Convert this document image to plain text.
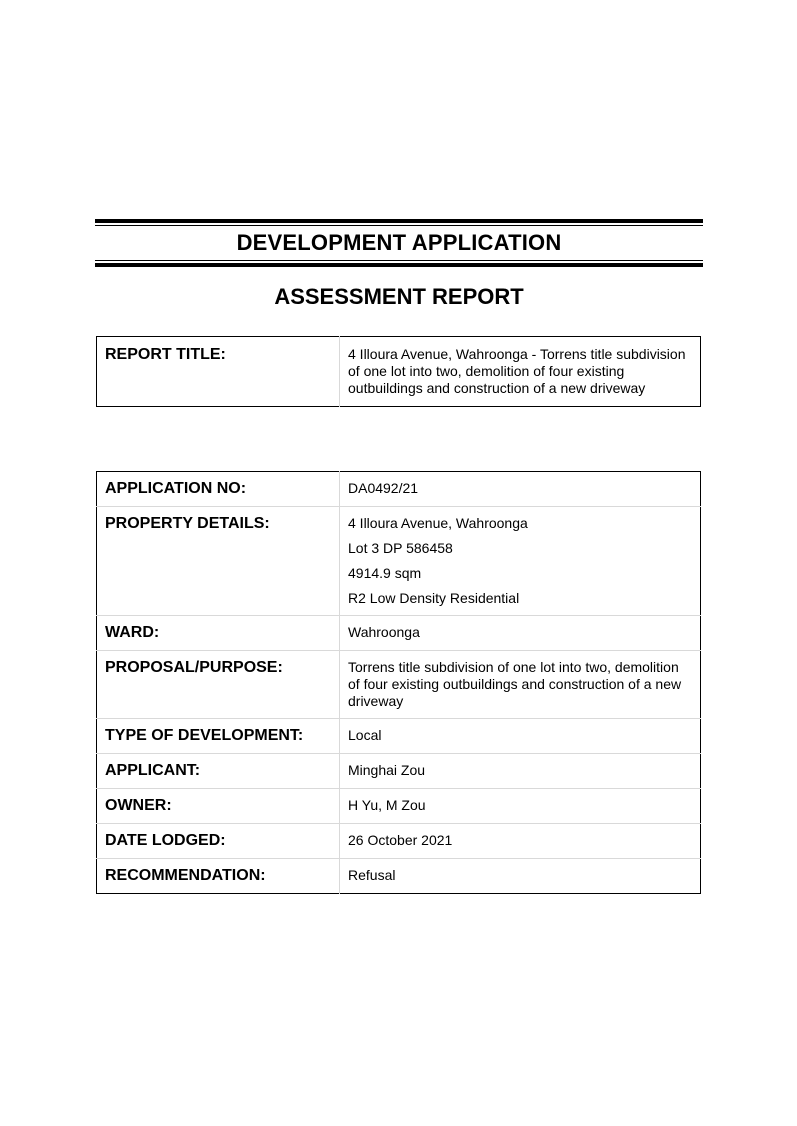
DEVELOPMENT APPLICATION
ASSESSMENT REPORT
REPORT TITLE:	4 Illoura Avenue, Wahroonga - Torrens title subdivision of one lot into two, demolition of four existing outbuildings and construction of a new driveway
APPLICATION NO:	DA0492/21
PROPERTY DETAILS:	4 Illoura Avenue, Wahroonga
Lot 3 DP 586458
4914.9 sqm
R2 Low Density Residential

WARD:	Wahroonga
PROPOSAL/PURPOSE:	Torrens title subdivision of one lot into two, demolition of four existing outbuildings and construction of a new driveway
TYPE OF DEVELOPMENT:	Local
APPLICANT:	Minghai Zou
OWNER:	H Yu, M Zou
DATE LODGED:	26 October 2021
RECOMMENDATION:	Refusal
